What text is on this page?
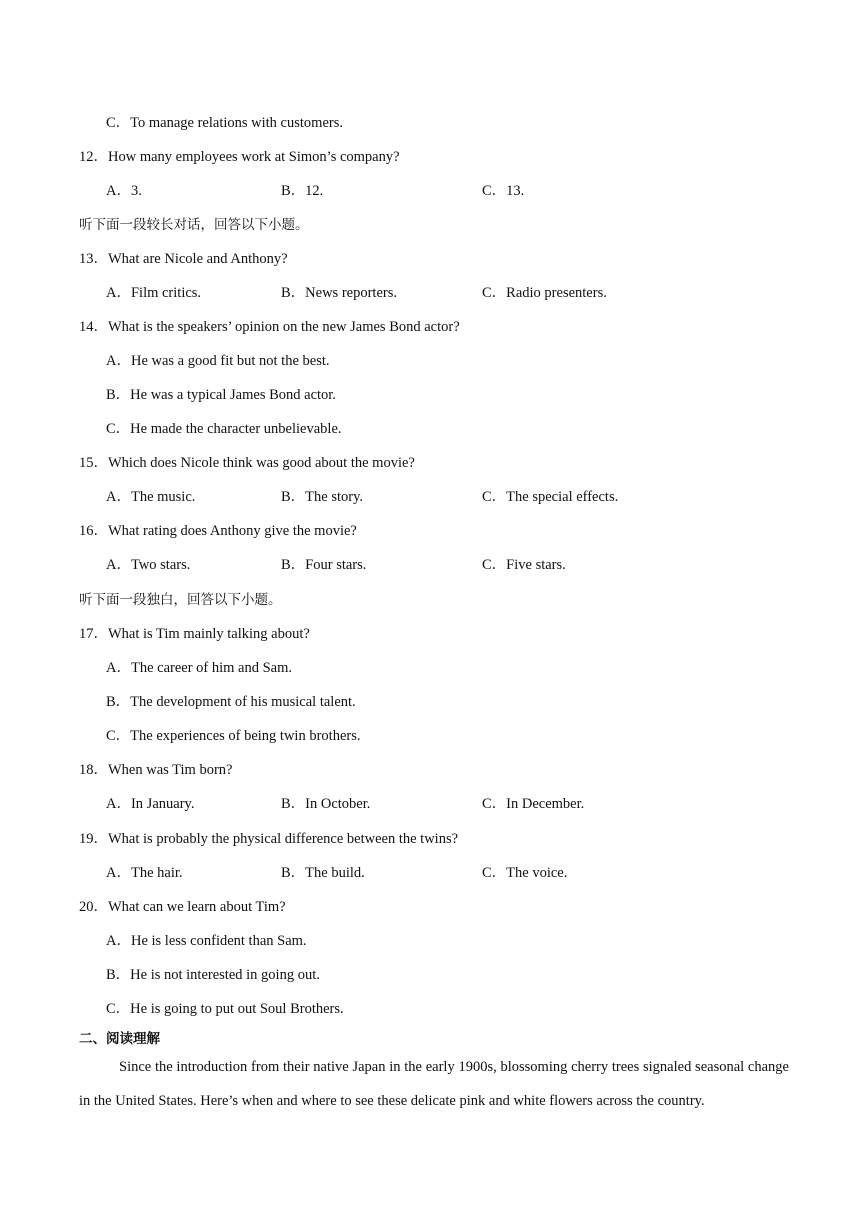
C．To manage relations with customers.
12．How many employees work at Simon’s company?
A．3.	B．12.	C．13.
听下面一段较长对话，回答以下小题。
13．What are Nicole and Anthony?
A．Film critics.	B．News reporters.	C．Radio presenters.
14．What is the speakers’ opinion on the new James Bond actor?
A．He was a good fit but not the best.
B．He was a typical James Bond actor.
C．He made the character unbelievable.
15．Which does Nicole think was good about the movie?
A．The music.	B．The story.	C．The special effects.
16．What rating does Anthony give the movie?
A．Two stars.	B．Four stars.	C．Five stars.
听下面一段独白，回答以下小题。
17．What is Tim mainly talking about?
A．The career of him and Sam.
B．The development of his musical talent.
C．The experiences of being twin brothers.
18．When was Tim born?
A．In January.	B．In October.	C．In December.
19．What is probably the physical difference between the twins?
A．The hair.	B．The build.	C．The voice.
20．What can we learn about Tim?
A．He is less confident than Sam.
B．He is not interested in going out.
C．He is going to put out Soul Brothers.
二、阅读理解
Since the introduction from their native Japan in the early 1900s, blossoming cherry trees signaled seasonal change in the United States. Here’s when and where to see these delicate pink and white flowers across the country.
